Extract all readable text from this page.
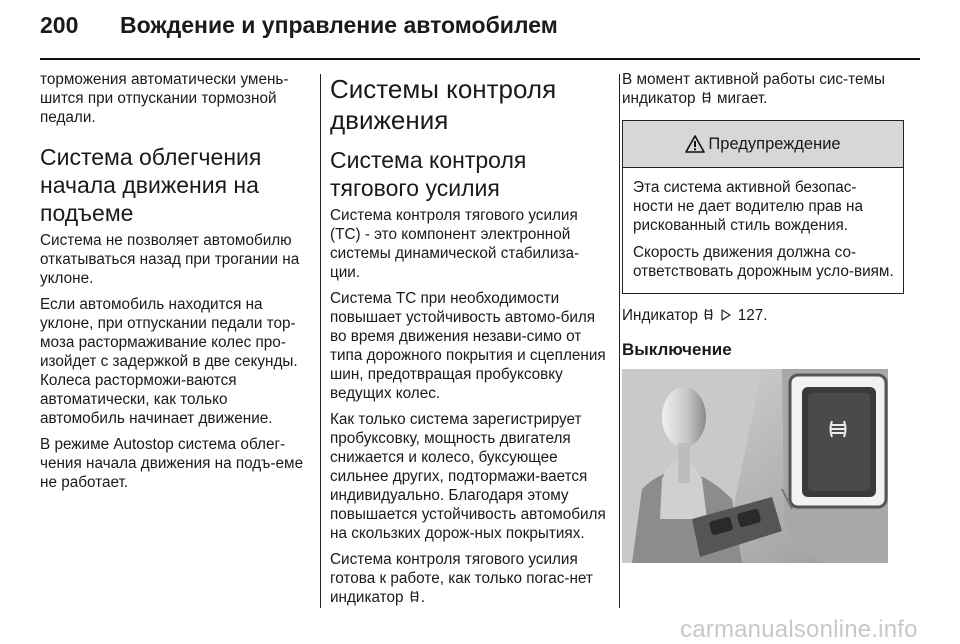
200 Вождение и управление автомобилем

торможения автоматически умень-шится при отпускании тормозной педали.

Система облегчения начала движения на подъеме

Система не позволяет автомобилю откатываться назад при трогании на уклоне.

Если автомобиль находится на уклоне, при отпускании педали тор-моза растормаживание колес про-изойдет с задержкой в две секунды. Колеса расторможи-ваются автоматически, как только автомобиль начинает движение.

В режиме Autostop система облег-чения начала движения на подъ-еме не работает.

Системы контроля движения
Система контроля тягового усилия

Система контроля тягового усилия (TC) - это компонент электронной системы динамической стабилиза-ции.

Система TC при необходимости повышает устойчивость автомо-биля во время движения незави-симо от типа дорожного покрытия и сцепления шин, предотвращая пробуксовку ведущих колес.

Как только система зарегистрирует пробуксовку, мощность двигателя снижается и колесо, буксующее сильнее других, подтормажи-вается индивидуально. Благодаря этому повышается устойчивость автомобиля на скользких дорож-ных покрытиях.

Система контроля тягового усилия готова к работе, как только погас-нет индикатор .

В момент активной работы сис-темы индикатор мигает.

Предупреждение

Эта система активной безопас-ности не дает водителю прав на рискованный стиль вождения.

Скорость движения должна со-ответствовать дорожным усло-виям.

Индикатор	127.

Выключение
carmanualsonline.info
